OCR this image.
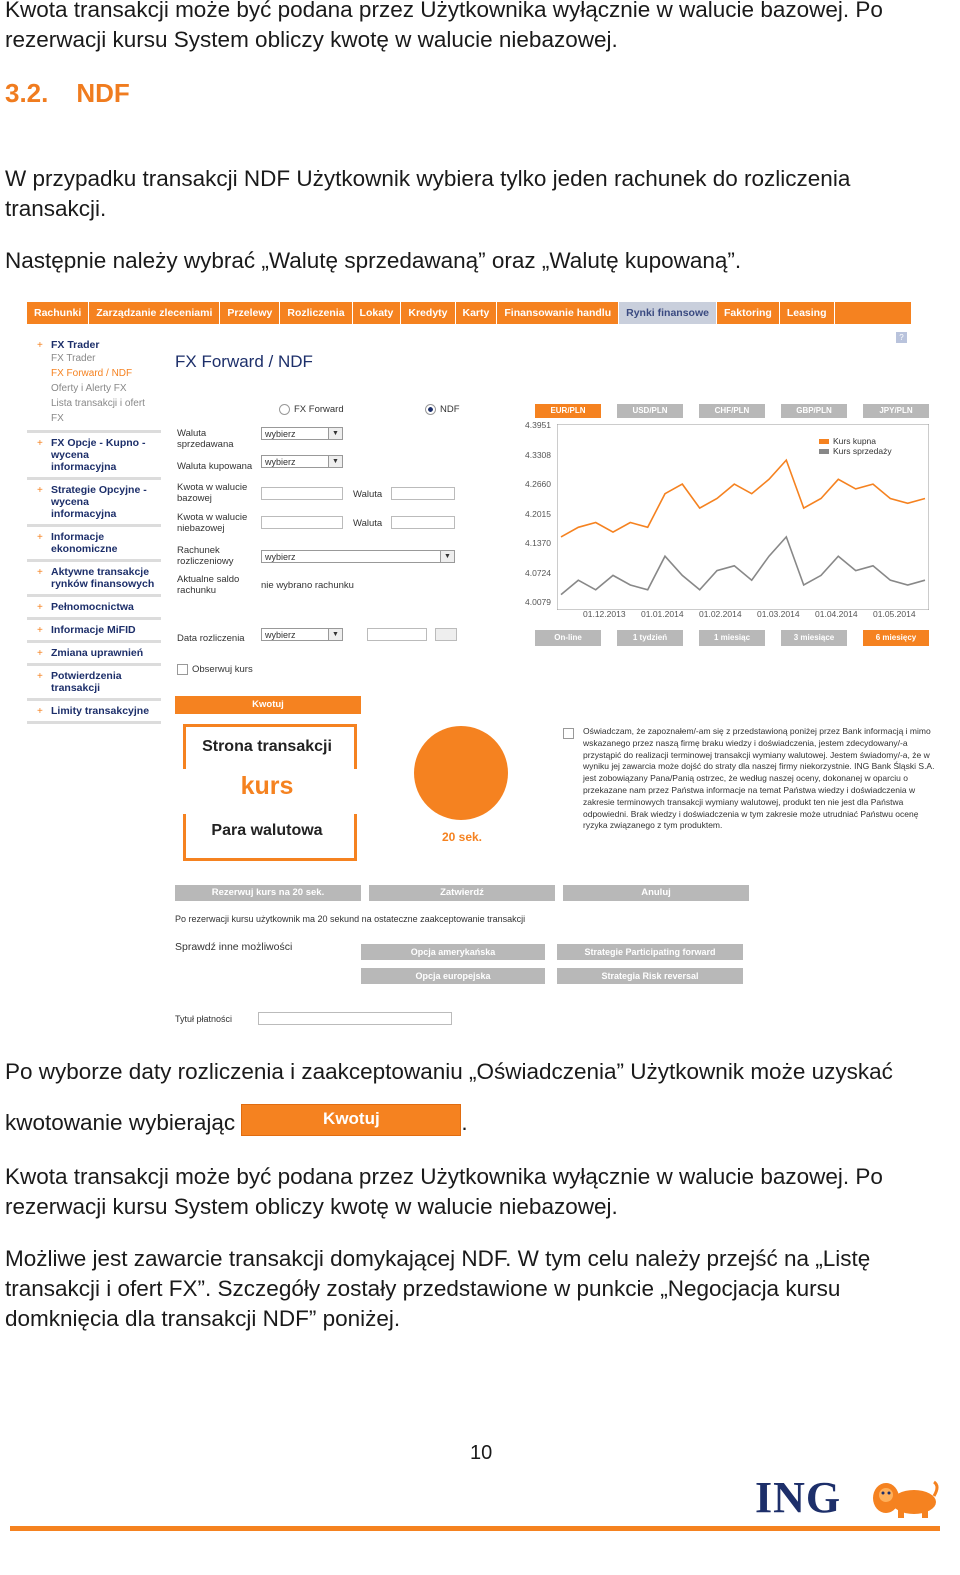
Kwota transakcji może być podana przez Użytkownika wyłącznie w walucie bazowej. Po rezerwacji kursu System obliczy kwotę w walucie niebazowej.

3.2. NDF

W przypadku transakcji NDF Użytkownik wybiera tylko jeden rachunek do rozliczenia transakcji.

Następnie należy wybrać „Walutę sprzedawaną” oraz „Walutę kupowaną”.

Rachunki	Zarządzanie zleceniami	Przelewy	Rozliczenia	Lokaty	Kredyty	Karty	Finansowanie handlu	Rynki finansowe	Faktoring	Leasing
?
+ FX Trader
FX Trader
FX Forward / NDF
Oferty i Alerty FX
Lista transakcji i ofert FX
+ FX Opcje - Kupno - wycena informacyjna
+ Strategie Opcyjne - wycena informacyjna
+ Informacje ekonomiczne
+ Aktywne transakcje rynków finansowych
+ Pełnomocnictwa
+ Informacje MiFID
+ Zmiana uprawnień
+ Potwierdzenia transakcji
+ Limity transakcyjne
FX Forward / NDF
FX Forward	NDF
Waluta sprzedawana
wybierz	▼
Waluta kupowana	wybierz	▼
Kwota w walucie bazowej	Waluta
Kwota w walucie niebazowej	Waluta
Rachunek rozliczeniowy	wybierz	▼
Aktualne saldo rachunku	nie wybrano rachunku
Data rozliczenia	wybierz	▼
Obserwuj kurs
Kwotuj
Strona transakcji
kurs
Para walutowa	20 sek.
EUR/PLN	USD/PLN	CHF/PLN	GBP/PLN	JPY/PLN
4.3951
4.3308
4.2660
4.2015
4.1370
4.0724
4.0079
01.12.2013 01.01.2014 01.02.2014 01.03.2014 01.04.2014 01.05.2014
Kurs kupna
Kurs sprzedaży
On-line	1 tydzień	1 miesiąc	3 miesiące	6 miesięcy
Oświadczam, że zapoznałem/-am się z przedstawioną poniżej przez Bank informacją i mimo wskazanego przez naszą firmę braku wiedzy i doświadczenia, jestem zdecydowany/-a przystąpić do realizacji terminowej transakcji wymiany walutowej. Jestem świadomy/-a, że w wyniku jej zawarcia może dojść do straty dla naszej firmy niekorzystnie. ING Bank Śląski S.A. jest zobowiązany Pana/Panią ostrzec, że według naszej oceny, dokonanej w oparciu o przekazane nam przez Państwa informacje na temat Państwa wiedzy i doświadczenia w zakresie terminowych transakcji wymiany walutowej, produkt ten nie jest dla Państwa odpowiedni. Brak wiedzy i doświadczenia w tym zakresie może utrudniać Państwu ocenę ryzyka związanego z tym produktem.
Rezerwuj kurs na 20 sek.	Zatwierdź	Anuluj
Po rezerwacji kursu użytkownik ma 20 sekund na ostateczne zaakceptowanie transakcji
Sprawdź inne możliwości	Opcja amerykańska	Strategie Participating forward
Opcja europejska	Strategia Risk reversal
Tytuł płatności

Po wyborze daty rozliczenia i zaakceptowaniu „Oświadczenia” Użytkownik może uzyskać

kwotowanie wybierając	Kwotuj	.

Kwota transakcji może być podana przez Użytkownika wyłącznie w walucie bazowej. Po rezerwacji kursu System obliczy kwotę w walucie niebazowej.

Możliwe jest zawarcie transakcji domykającej NDF. W tym celu należy przejść na „Listę transakcji i ofert FX”. Szczegóły zostały przedstawione w punkcie „Negocjacja kursu domknięcia dla transakcji NDF” poniżej.

10
ING
